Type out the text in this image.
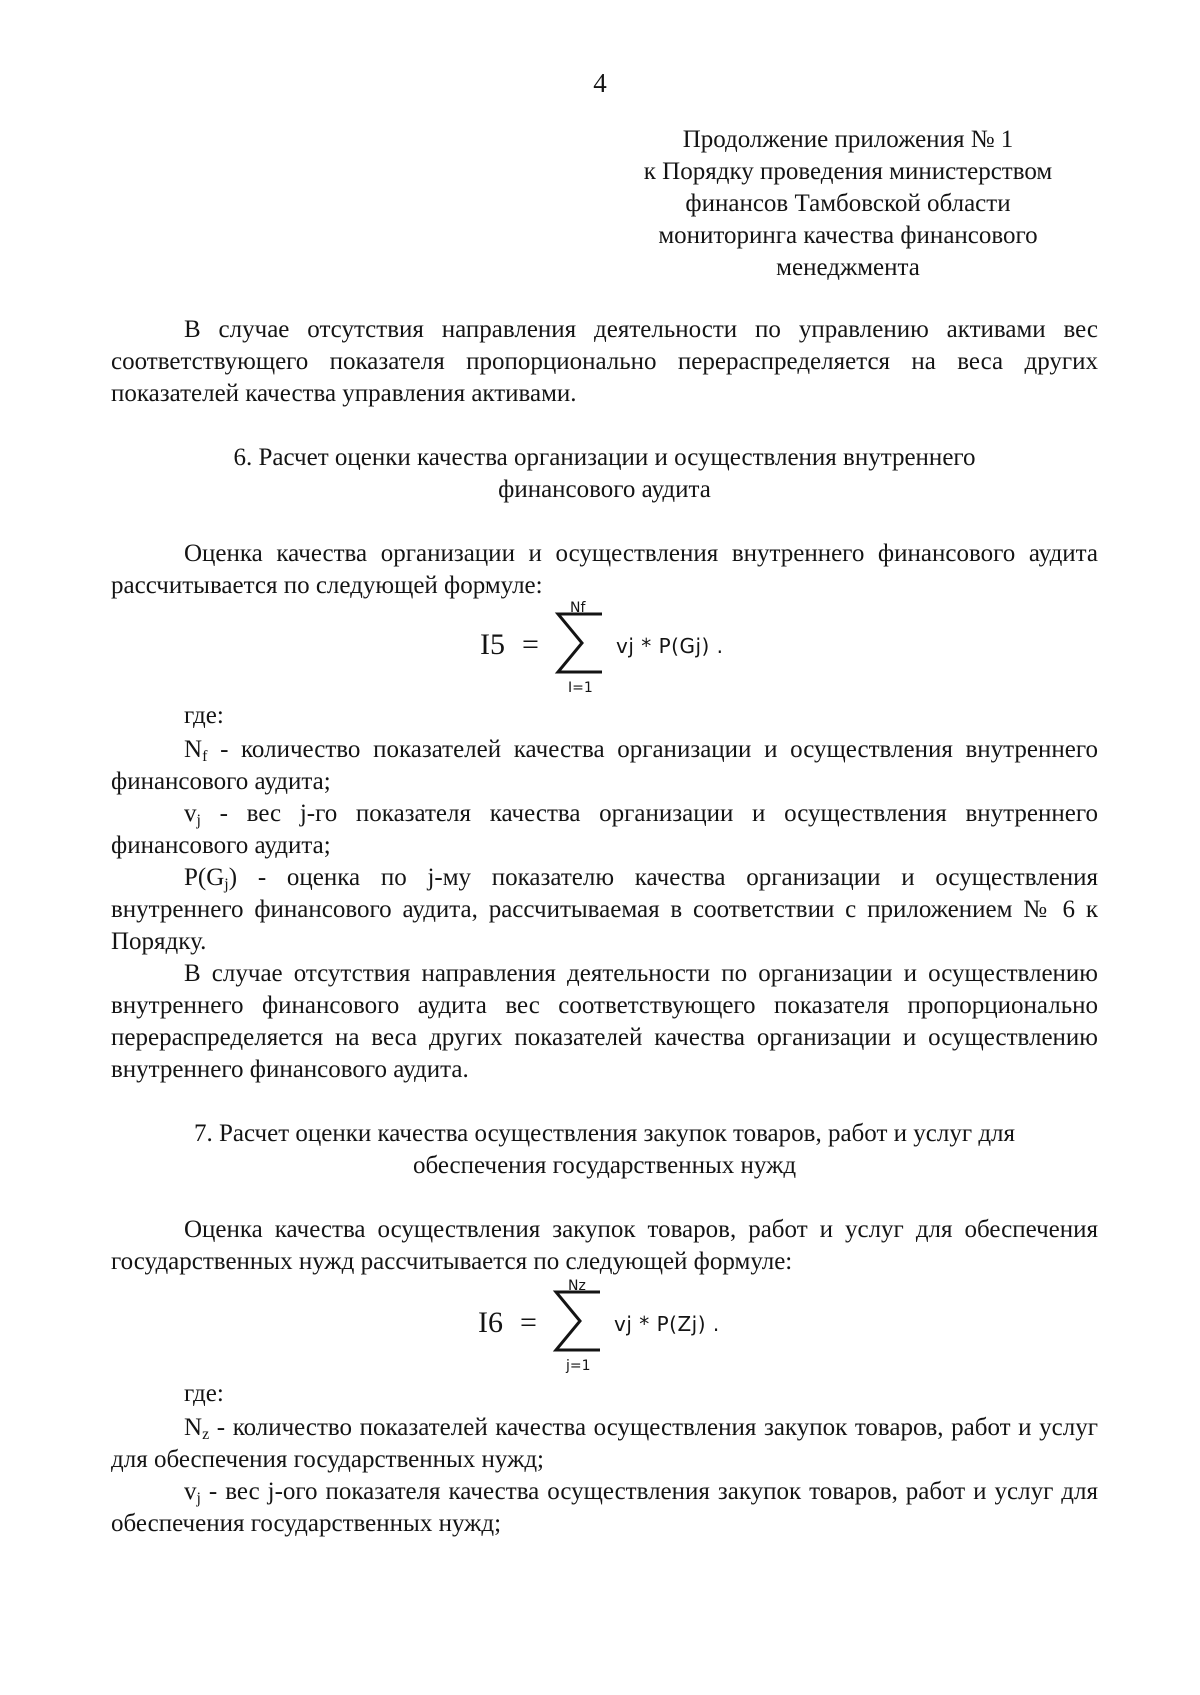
4
Продолжение приложения № 1
к Порядку проведения министерством
финансов Тамбовской области
мониторинга качества финансового
менеджмента
В случае отсутствия направления деятельности по управлению активами вес соответствующего показателя пропорционально перераспределяется на веса других показателей качества управления активами.
6. Расчет оценки качества организации и осуществления внутреннего
финансового аудита
Оценка качества организации и осуществления внутреннего финансового аудита рассчитывается по следующей формуле:
I5 =
Nf
I=1
vj * P(Gj) .
где:

$N_f$ - количество показателей качества организации и осуществления внутреннего финансового аудита;

$v_j$ - вес j-го показателя качества организации и осуществления внутреннего финансового аудита;

$P(G_j)$ - оценка по j-му показателю качества организации и осуществления внутреннего финансового аудита, рассчитываемая в соответствии с приложением № 6 к Порядку.

В случае отсутствия направления деятельности по организации и осуществлению внутреннего финансового аудита вес соответствующего показателя пропорционально перераспределяется на веса других показателей качества организации и осуществлению внутреннего финансового аудита.

7. Расчет оценки качества осуществления закупок товаров, работ и услуг для
обеспечения государственных нужд
Оценка качества осуществления закупок товаров, работ и услуг для обеспечения государственных нужд рассчитывается по следующей формуле:
I6 =
Nz
j=1
vj * P(Zj) .
где:

$N_z$ - количество показателей качества осуществления закупок товаров, работ и услуг для обеспечения государственных нужд;

$v_j$ - вес j-ого показателя качества осуществления закупок товаров, работ и услуг для обеспечения государственных нужд;
